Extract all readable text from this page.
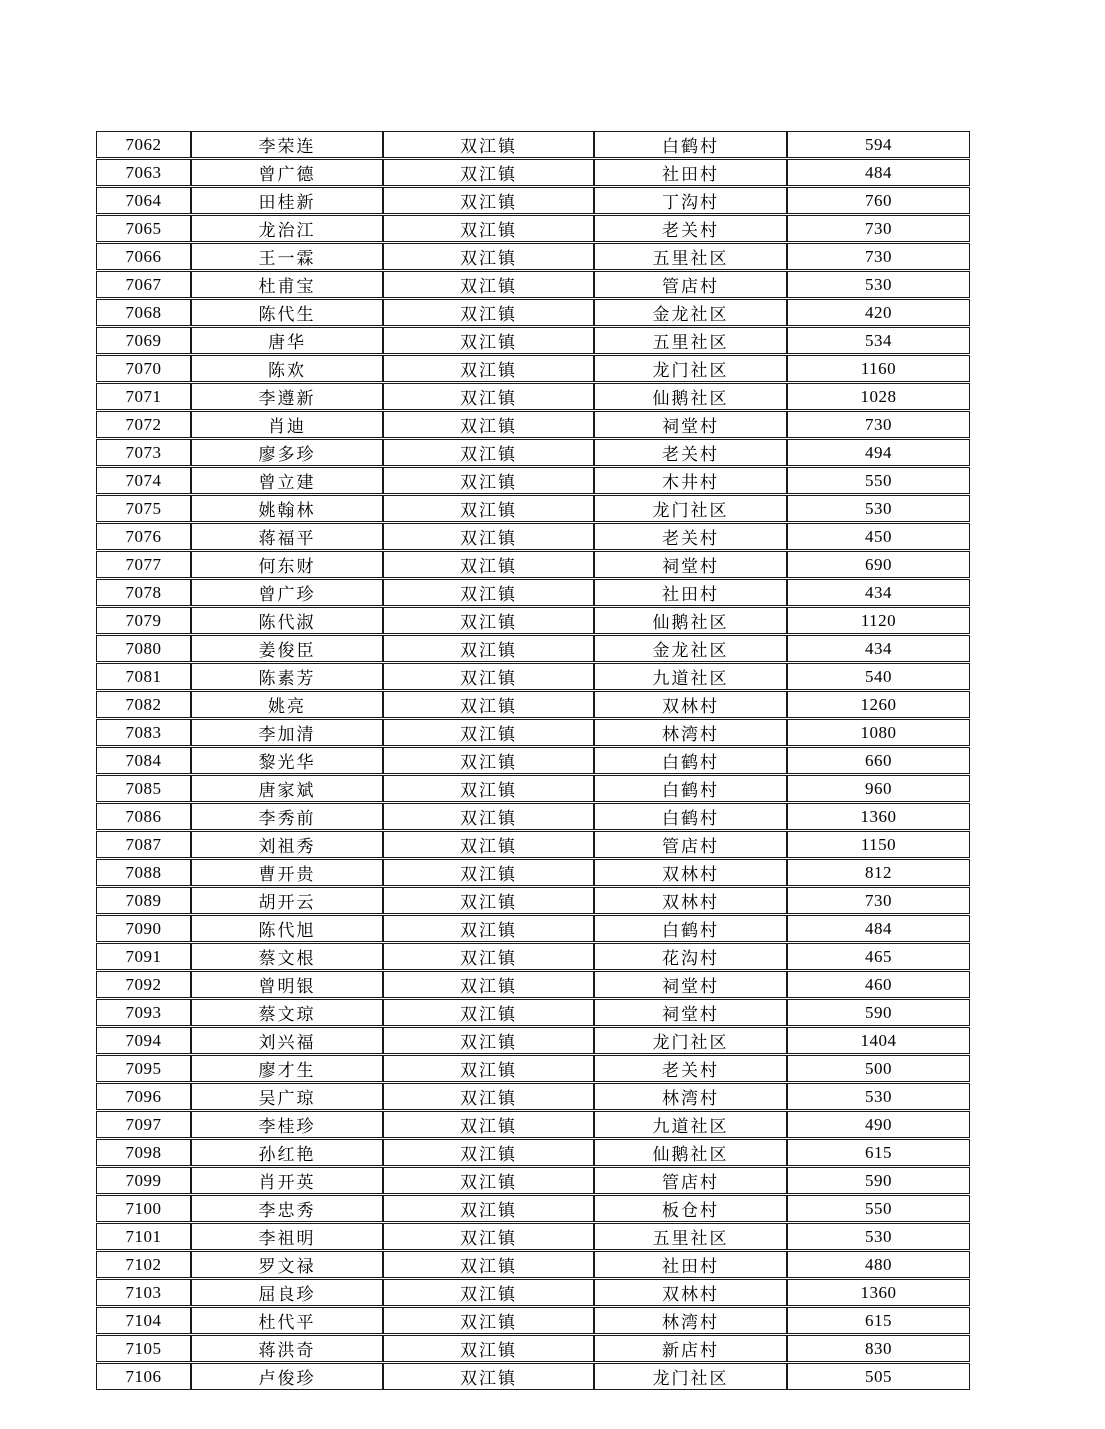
7062	李荣连	双江镇	白鹤村	594
7063	曾广德	双江镇	社田村	484
7064	田桂新	双江镇	丁沟村	760
7065	龙治江	双江镇	老关村	730
7066	王一霖	双江镇	五里社区	730
7067	杜甫宝	双江镇	管店村	530
7068	陈代生	双江镇	金龙社区	420
7069	唐华	双江镇	五里社区	534
7070	陈欢	双江镇	龙门社区	1160
7071	李遵新	双江镇	仙鹅社区	1028
7072	肖迪	双江镇	祠堂村	730
7073	廖多珍	双江镇	老关村	494
7074	曾立建	双江镇	木井村	550
7075	姚翰林	双江镇	龙门社区	530
7076	蒋福平	双江镇	老关村	450
7077	何东财	双江镇	祠堂村	690
7078	曾广珍	双江镇	社田村	434
7079	陈代淑	双江镇	仙鹅社区	1120
7080	姜俊臣	双江镇	金龙社区	434
7081	陈素芳	双江镇	九道社区	540
7082	姚亮	双江镇	双林村	1260
7083	李加清	双江镇	林湾村	1080
7084	黎光华	双江镇	白鹤村	660
7085	唐家斌	双江镇	白鹤村	960
7086	李秀前	双江镇	白鹤村	1360
7087	刘祖秀	双江镇	管店村	1150
7088	曹开贵	双江镇	双林村	812
7089	胡开云	双江镇	双林村	730
7090	陈代旭	双江镇	白鹤村	484
7091	蔡文根	双江镇	花沟村	465
7092	曾明银	双江镇	祠堂村	460
7093	蔡文琼	双江镇	祠堂村	590
7094	刘兴福	双江镇	龙门社区	1404
7095	廖才生	双江镇	老关村	500
7096	吴广琼	双江镇	林湾村	530
7097	李桂珍	双江镇	九道社区	490
7098	孙红艳	双江镇	仙鹅社区	615
7099	肖开英	双江镇	管店村	590
7100	李忠秀	双江镇	板仓村	550
7101	李祖明	双江镇	五里社区	530
7102	罗文禄	双江镇	社田村	480
7103	屈良珍	双江镇	双林村	1360
7104	杜代平	双江镇	林湾村	615
7105	蒋洪奇	双江镇	新店村	830
7106	卢俊珍	双江镇	龙门社区	505
